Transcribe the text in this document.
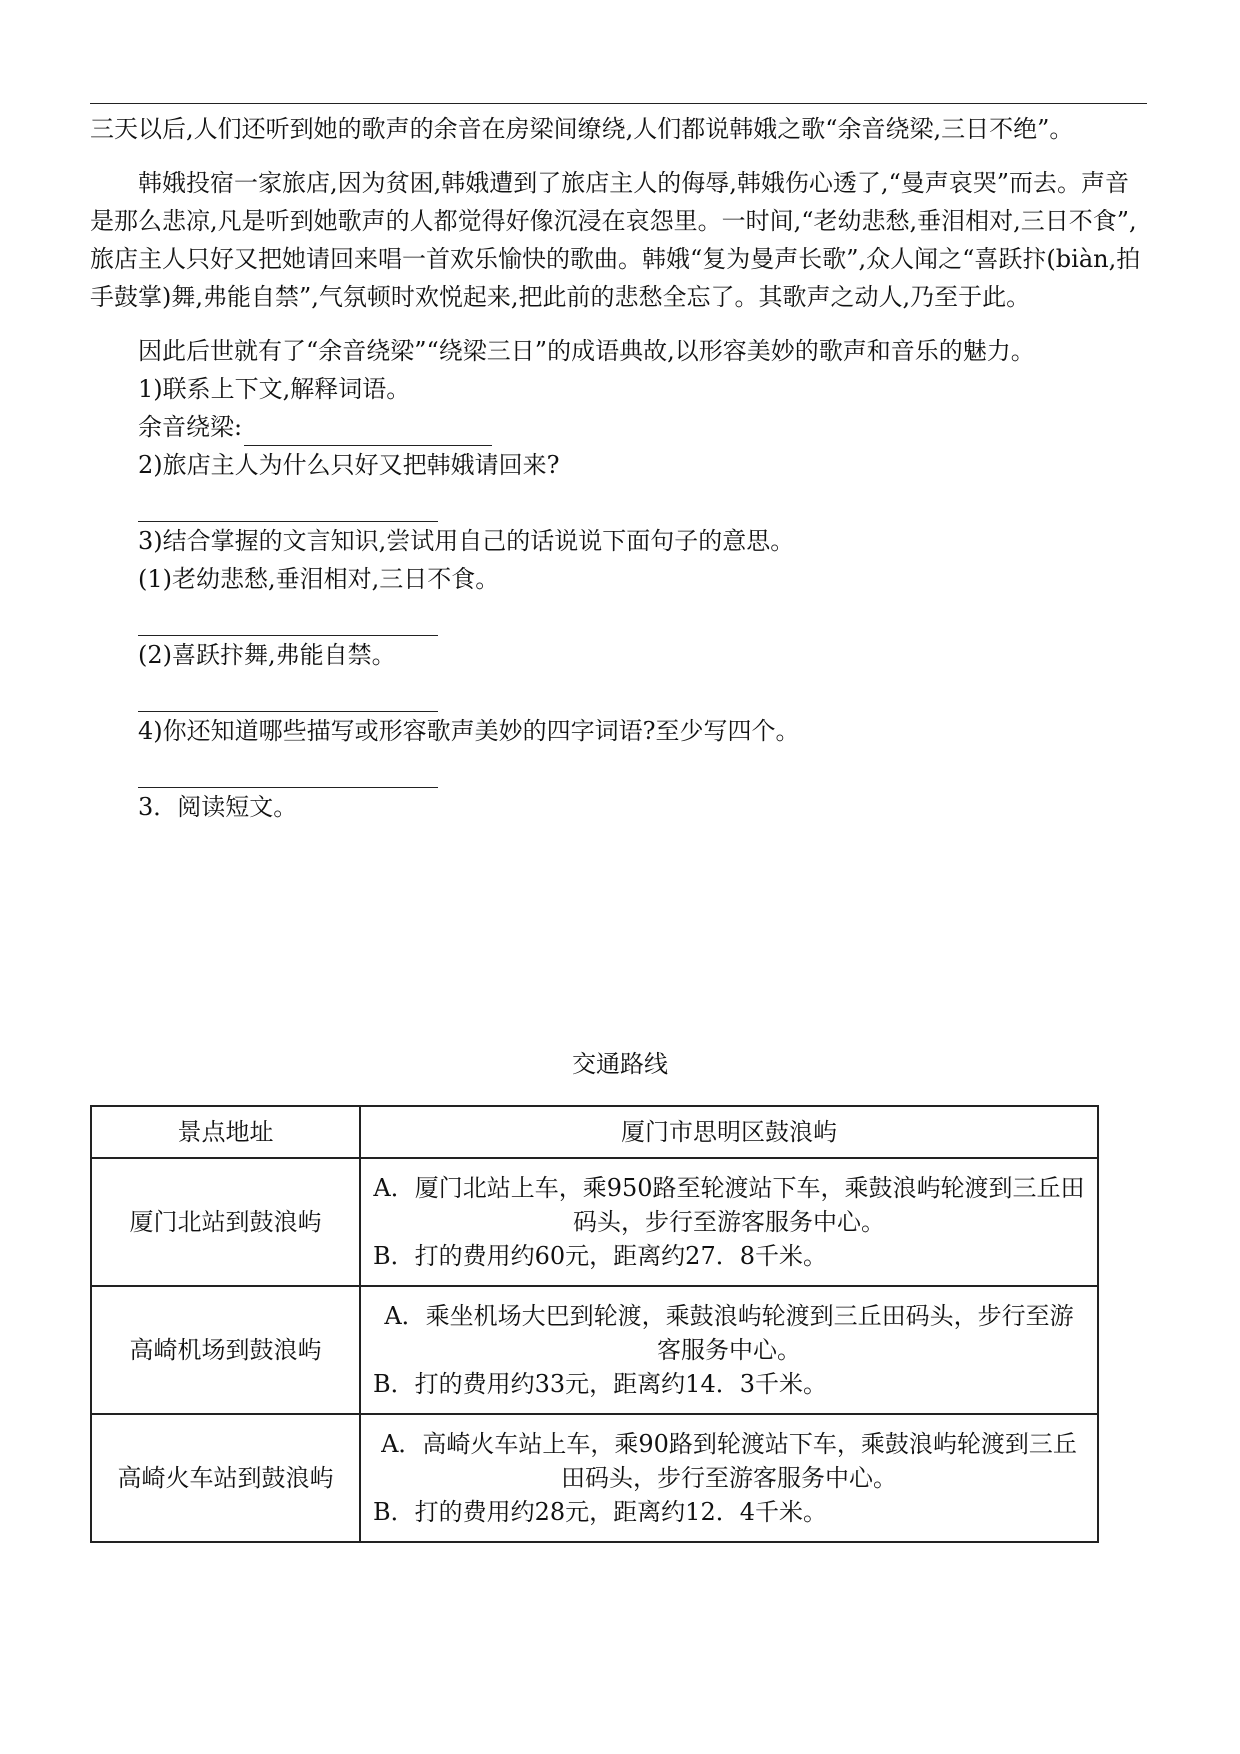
三天以后,人们还听到她的歌声的余音在房梁间缭绕,人们都说韩娥之歌“余音绕梁,三日不绝”。

韩娥投宿一家旅店,因为贫困,韩娥遭到了旅店主人的侮辱,韩娥伤心透了,“曼声哀哭”而去。声音是那么悲凉,凡是听到她歌声的人都觉得好像沉浸在哀怨里。一时间,“老幼悲愁,垂泪相对,三日不食”,旅店主人只好又把她请回来唱一首欢乐愉快的歌曲。韩娥“复为曼声长歌”,众人闻之“喜跃抃(biàn,拍手鼓掌)舞,弗能自禁”,气氛顿时欢悦起来,把此前的悲愁全忘了。其歌声之动人,乃至于此。

因此后世就有了“余音绕梁”“绕梁三日”的成语典故,以形容美妙的歌声和音乐的魅力。

1)联系上下文,解释词语。

余音绕梁:

2)旅店主人为什么只好又把韩娥请回来?

3)结合掌握的文言知识,尝试用自己的话说说下面句子的意思。

(1)老幼悲愁,垂泪相对,三日不食。

(2)喜跃抃舞,弗能自禁。

4)你还知道哪些描写或形容歌声美妙的四字词语?至少写四个。

3．阅读短文。

交通路线
景点地址	厦门市思明区鼓浪屿
厦门北站到鼓浪屿	A．厦门北站上车，乘950路至轮渡站下车，乘鼓浪屿轮渡到三丘田码头，步行至游客服务中心。
B．打的费用约60元，距离约27．8千米。

高崎机场到鼓浪屿	A．乘坐机场大巴到轮渡，乘鼓浪屿轮渡到三丘田码头，步行至游客服务中心。
B．打的费用约33元，距离约14．3千米。

高崎火车站到鼓浪屿	A．高崎火车站上车，乘90路到轮渡站下车，乘鼓浪屿轮渡到三丘田码头，步行至游客服务中心。
B．打的费用约28元，距离约12．4千米。
